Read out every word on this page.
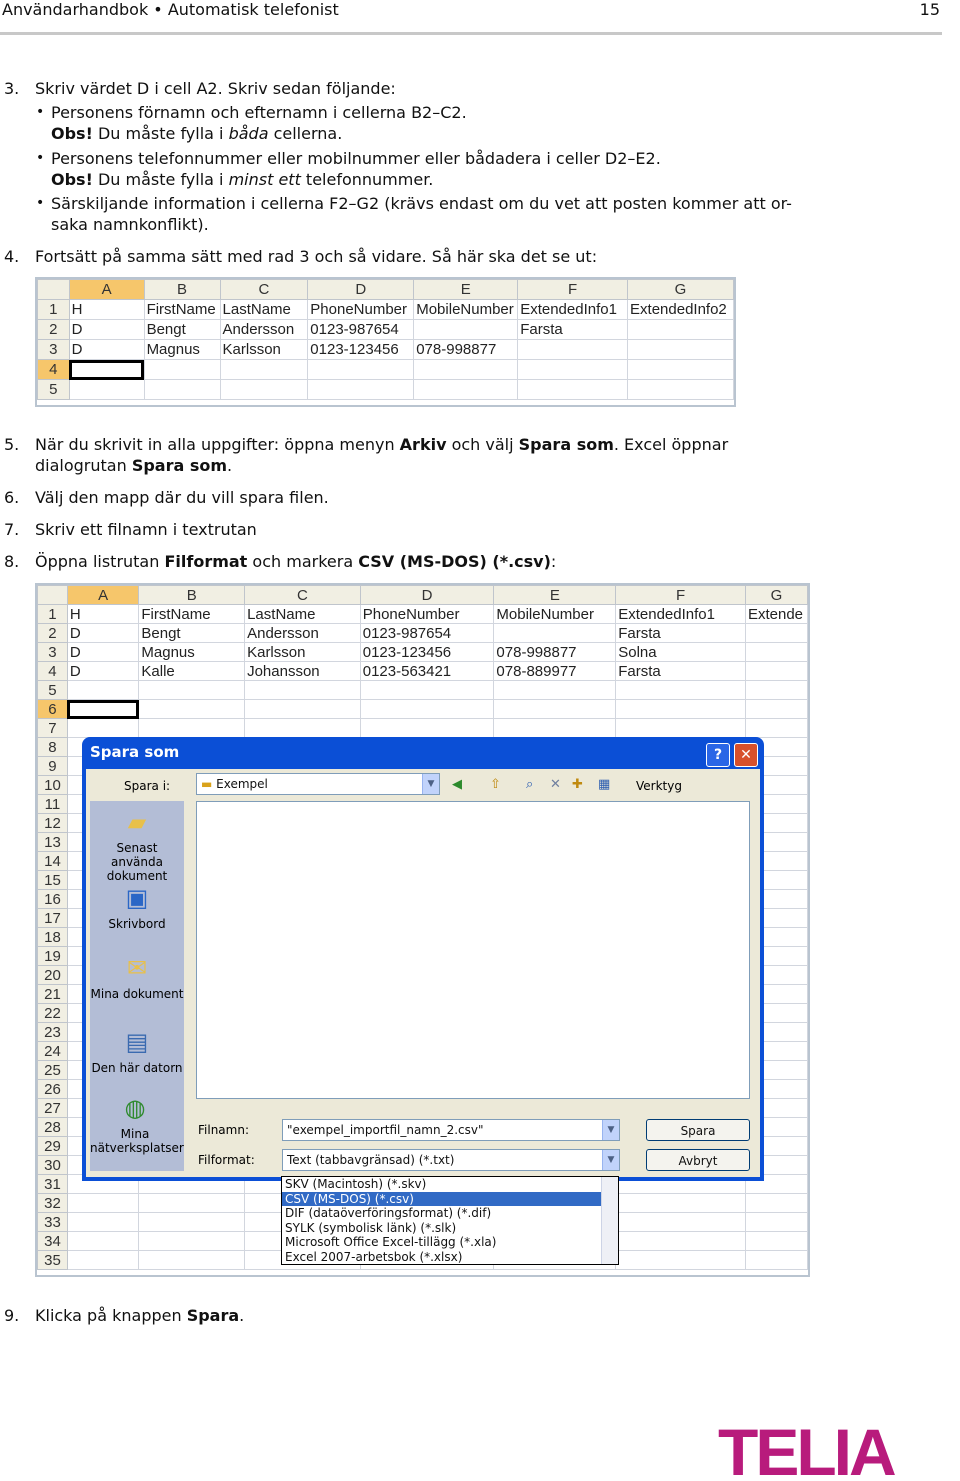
Användarhandbok • Automatisk telefonist	15
3. Skriv värdet D i cell A2. Skriv sedan följande:
• Personens förnamn och efternamn i cellerna B2–C2.
Obs! Du måste fylla i båda cellerna.
• Personens telefonnummer eller mobilnummer eller bådadera i celler D2–E2.
Obs! Du måste fylla i minst ett telefonnummer.
• Särskiljande information i cellerna F2–G2 (krävs endast om du vet att posten kommer att or-
saka namnkonflikt).
4. Fortsätt på samma sätt med rad 3 och så vidare. Så här ska det se ut:
	A	B	C	D	E	F	G
1	H	FirstName	LastName	PhoneNumber	MobileNumber	ExtendedInfo1	ExtendedInfo2
2	D	Bengt	Andersson	0123-987654		Farsta	
3	D	Magnus	Karlsson	0123-123456	078-998877		
4							
5							
5. När du skrivit in alla uppgifter: öppna menyn Arkiv och välj Spara som. Excel öppnar
dialogrutan Spara som.
6. Välj den mapp där du vill spara filen.
7. Skriv ett filnamn i textrutan
8. Öppna listrutan Filformat och markera CSV (MS-DOS) (*.csv):
	A	B	C	D	E	F	G
1	H	FirstName	LastName	PhoneNumber	MobileNumber	ExtendedInfo1	Extende
2	D	Bengt	Andersson	0123-987654		Farsta	
3	D	Magnus	Karlsson	0123-123456	078-998877	Solna	
4	D	Kalle	Johansson	0123-563421	078-889977	Farsta	
5							
6							
7							
8							
9							
10							
11							
12							
13							
14							
15							
16							
17							
18							
19							
20							
21							
22							
23							
24							
25							
26							
27							
28							
29							
30							
31							
32							
33							
34							
35							
Spara som	?	✕
Spara i:	▬ Exempel	▼	◀ ⇧ ⌕ ✕ ✚ ▦ Verktyg
▰
Senast använda dokument
▣
Skrivbord
✉
Mina dokument
▤
Den här datorn
◍
Mina nätverksplatser
Filnamn:	"exempel_importfil_namn_2.csv"	▼
Filformat:	Text (tabbavgränsad) (*.txt)	▼
Spara
Avbryt
SKV (Macintosh) (*.skv)
CSV (MS-DOS) (*.csv)
DIF (dataöverföringsformat) (*.dif)
SYLK (symbolisk länk) (*.slk)
Microsoft Office Excel-tillägg (*.xla)
Excel 2007-arbetsbok (*.xlsx)
9. Klicka på knappen Spara.
TELIA
